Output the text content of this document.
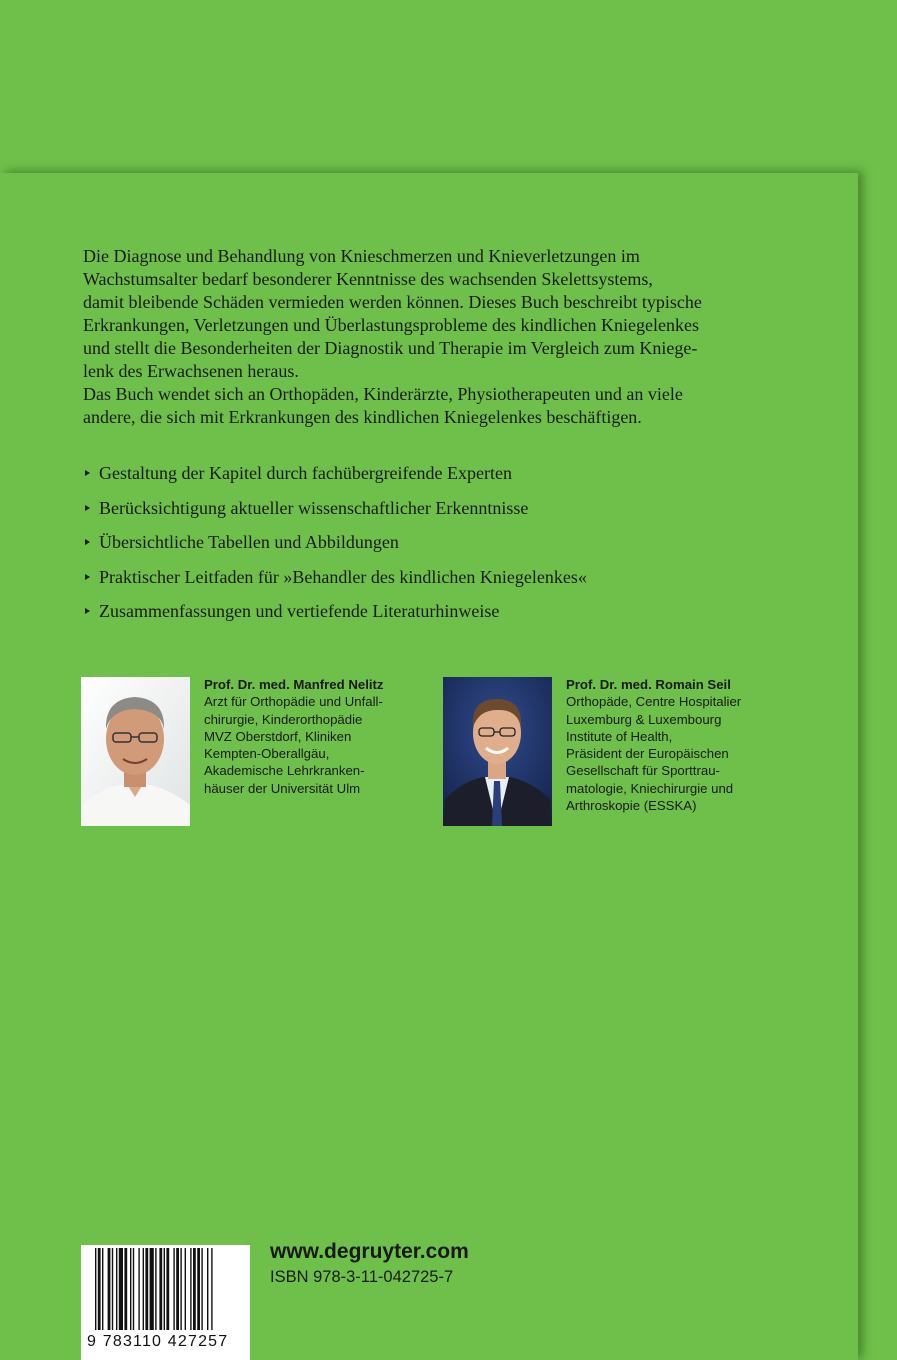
Die Diagnose und Behandlung von Knieschmerzen und Knieverletzungen im
Wachstumsalter bedarf besonderer Kenntnisse des wachsenden Skelettsystems,
damit bleibende Schäden vermieden werden können. Dieses Buch beschreibt typische
Erkrankungen, Verletzungen und Überlastungsprobleme des kindlichen Kniegelenkes
und stellt die Besonderheiten der Diagnostik und Therapie im Vergleich zum Kniege-
lenk des Erwachsenen heraus.
Das Buch wendet sich an Orthopäden, Kinderärzte, Physiotherapeuten und an viele
andere, die sich mit Erkrankungen des kindlichen Kniegelenkes beschäftigen.
Gestaltung der Kapitel durch fachübergreifende Experten
Berücksichtigung aktueller wissenschaftlicher Erkenntnisse
Übersichtliche Tabellen und Abbildungen
Praktischer Leitfaden für »Behandler des kindlichen Kniegelenkes«
Zusammenfassungen und vertiefende Literaturhinweise
Prof. Dr. med. Manfred Nelitz
Arzt für Orthopädie und Unfall-
chirurgie, Kinderorthopädie
MVZ Oberstdorf, Kliniken
Kempten-Oberallgäu,
Akademische Lehrkranken-
häuser der Universität Ulm
Prof. Dr. med. Romain Seil
Orthopäde, Centre Hospitalier
Luxemburg & Luxembourg
Institute of Health,
Präsident der Europäischen
Gesellschaft für Sporttrau-
matologie, Kniechirurgie und
Arthroskopie (ESSKA)
9 783110 427257
www.degruyter.com
ISBN 978-3-11-042725-7
